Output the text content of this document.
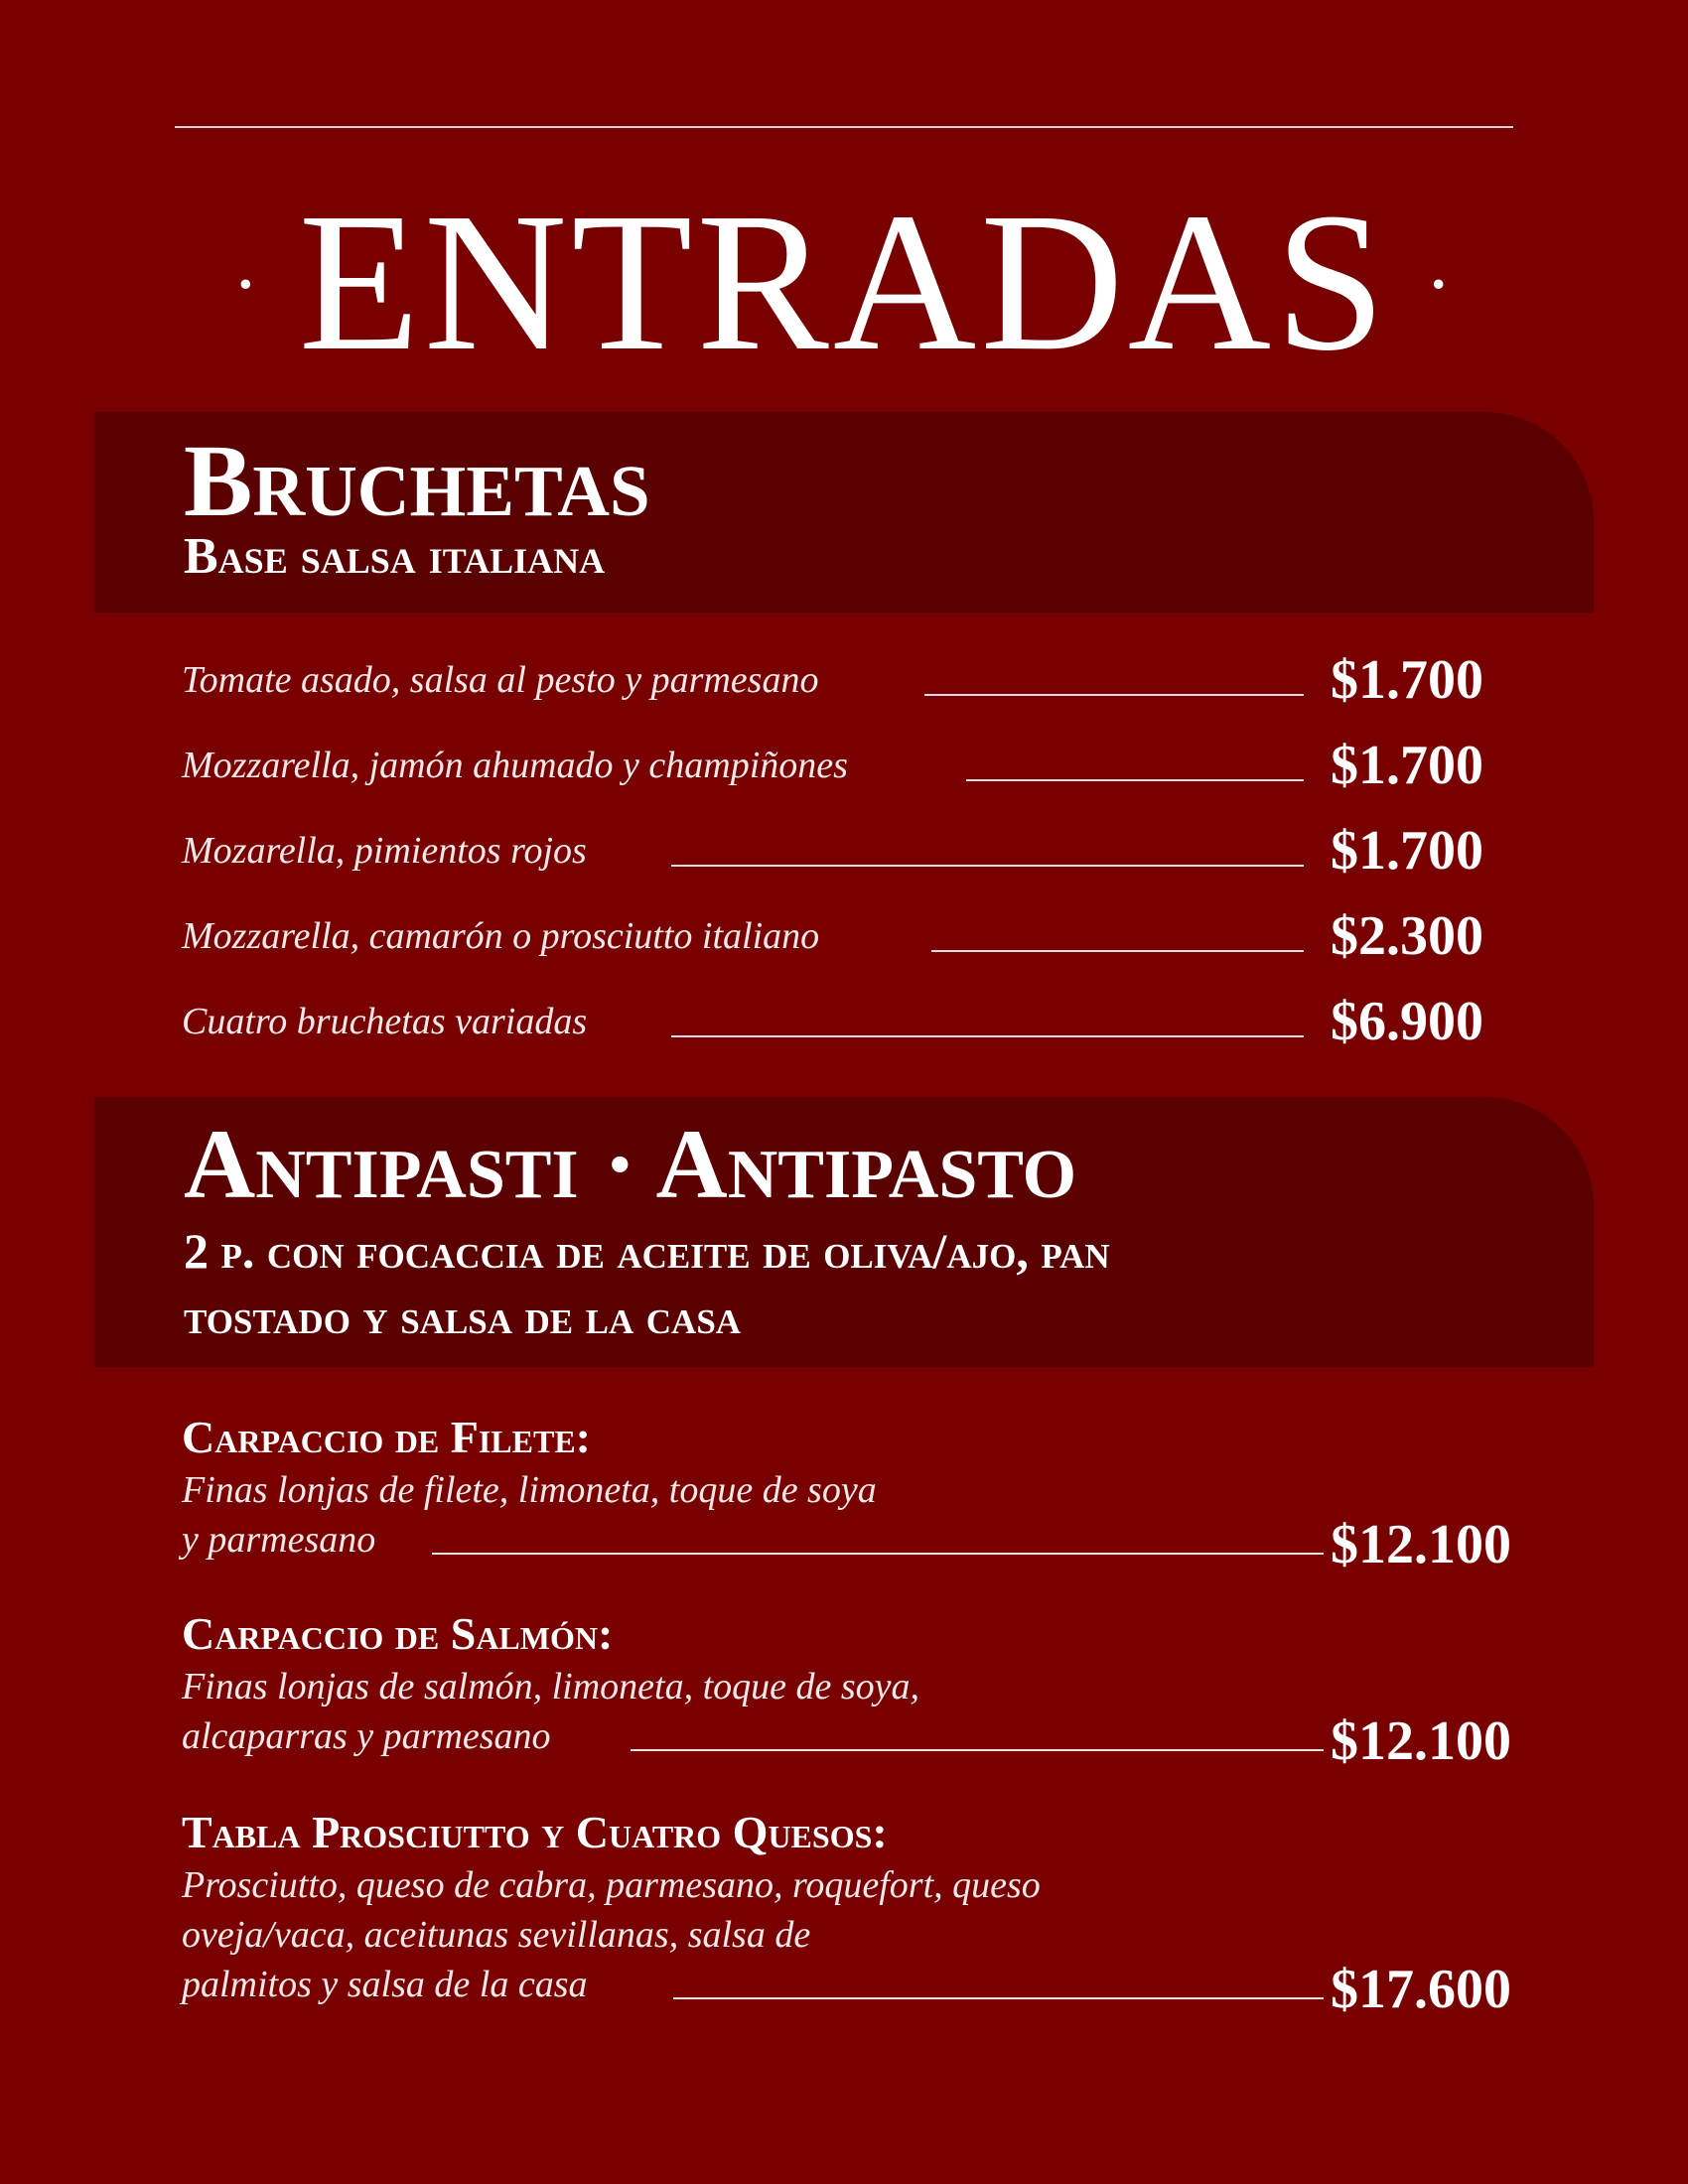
· ENTRADAS ·
Bruchetas
Base salsa italiana
Tomate asado, salsa al pesto y parmesano	$1.700
Mozzarella, jamón ahumado y champiñones	$1.700
Mozarella, pimientos rojos	$1.700
Mozzarella, camarón o prosciutto italiano	$2.300
Cuatro bruchetas variadas	$6.900
Antipasti · Antipasto
2 p. con focaccia de aceite de oliva/ajo, pan
tostado y salsa de la casa
Carpaccio de Filete:
Finas lonjas de filete, limoneta, toque de soya
y parmesano	$12.100
Carpaccio de Salmón:
Finas lonjas de salmón, limoneta, toque de soya,
alcaparras y parmesano	$12.100
Tabla Prosciutto y Cuatro Quesos:
Prosciutto, queso de cabra, parmesano, roquefort, queso
oveja/vaca, aceitunas sevillanas, salsa de
palmitos y salsa de la casa	$17.600
